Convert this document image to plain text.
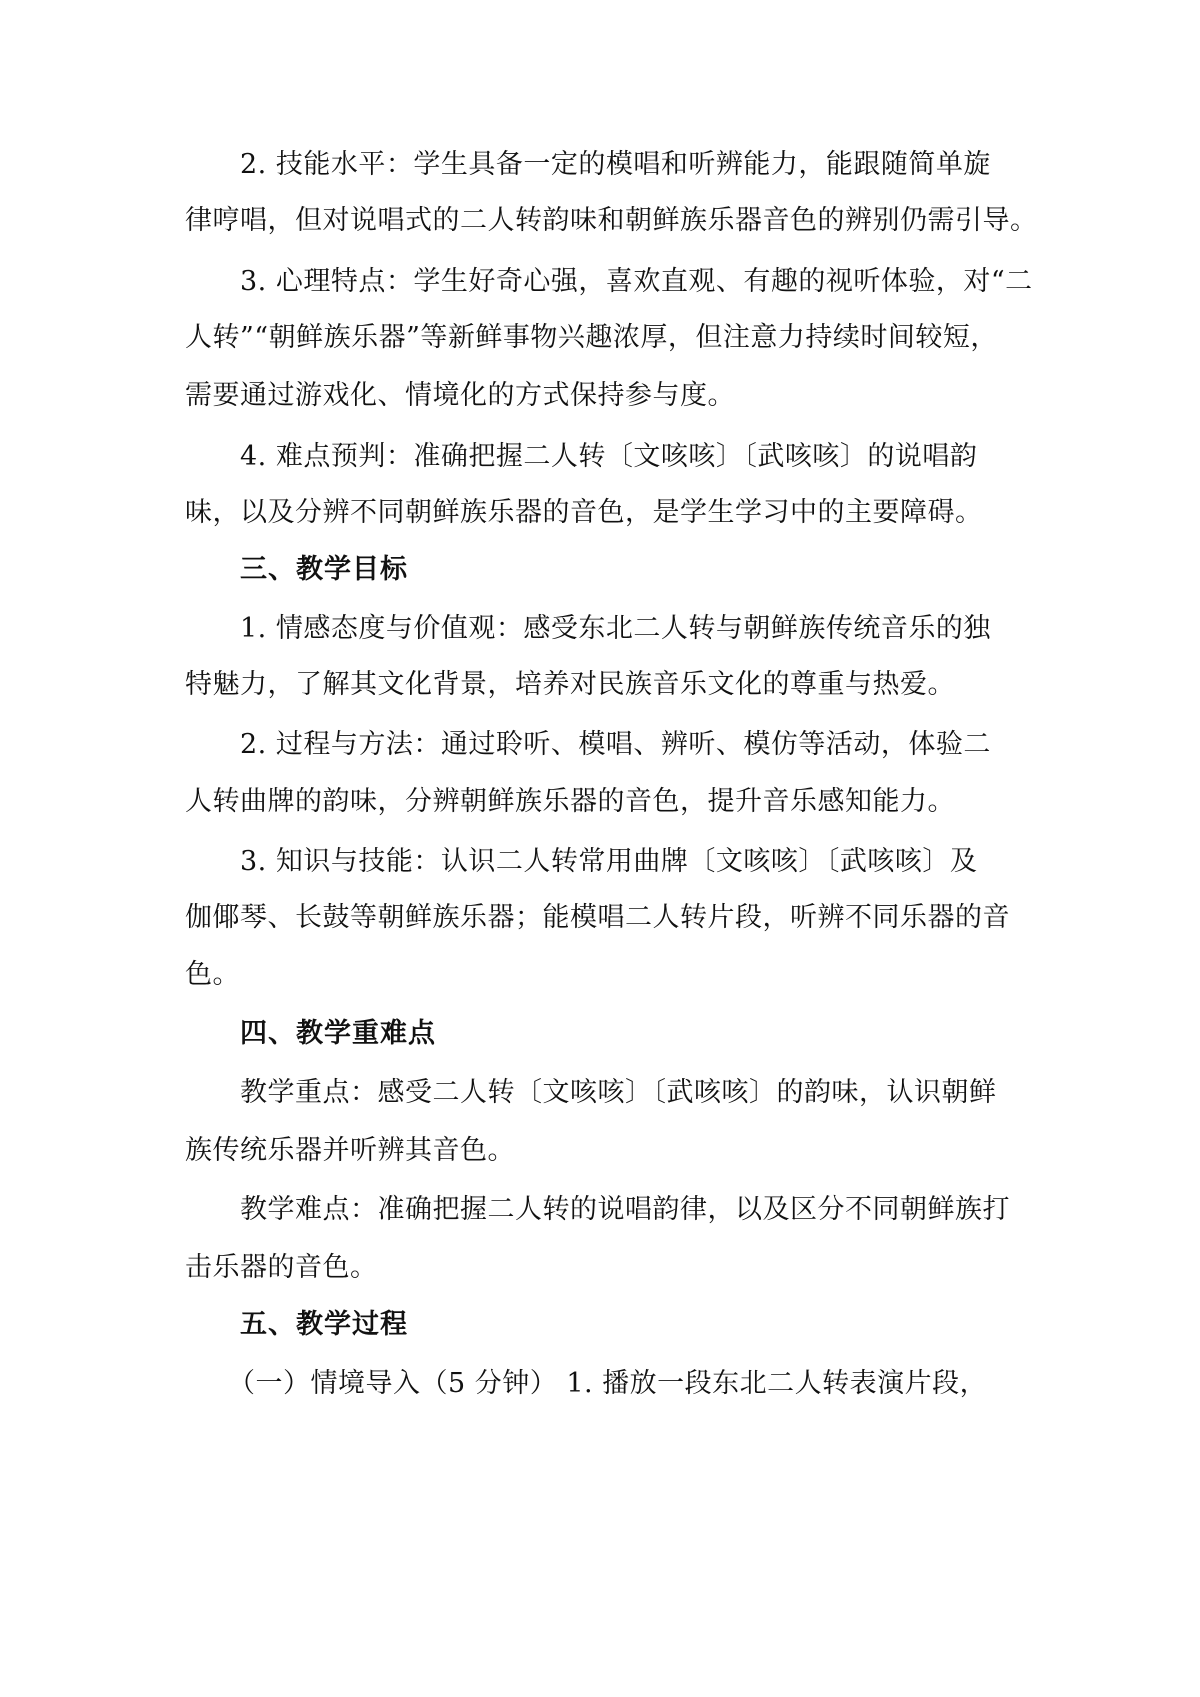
2. 技能水平：学生具备一定的模唱和听辨能力，能跟随简单旋
律哼唱，但对说唱式的二人转韵味和朝鲜族乐器音色的辨别仍需引导。
3. 心理特点：学生好奇心强，喜欢直观、有趣的视听体验，对“二
人转”“朝鲜族乐器”等新鲜事物兴趣浓厚，但注意力持续时间较短，
需要通过游戏化、情境化的方式保持参与度。
4. 难点预判：准确把握二人转〔文咳咳〕〔武咳咳〕的说唱韵
味，以及分辨不同朝鲜族乐器的音色，是学生学习中的主要障碍。
三、教学目标
1. 情感态度与价值观：感受东北二人转与朝鲜族传统音乐的独
特魅力，了解其文化背景，培养对民族音乐文化的尊重与热爱。
2. 过程与方法：通过聆听、模唱、辨听、模仿等活动，体验二
人转曲牌的韵味，分辨朝鲜族乐器的音色，提升音乐感知能力。
3. 知识与技能：认识二人转常用曲牌〔文咳咳〕〔武咳咳〕及
伽倻琴、长鼓等朝鲜族乐器；能模唱二人转片段，听辨不同乐器的音
色。
四、教学重难点
教学重点：感受二人转〔文咳咳〕〔武咳咳〕的韵味，认识朝鲜
族传统乐器并听辨其音色。
教学难点：准确把握二人转的说唱韵律，以及区分不同朝鲜族打
击乐器的音色。
五、教学过程
（一）情境导入（5 分钟） 1. 播放一段东北二人转表演片段，
